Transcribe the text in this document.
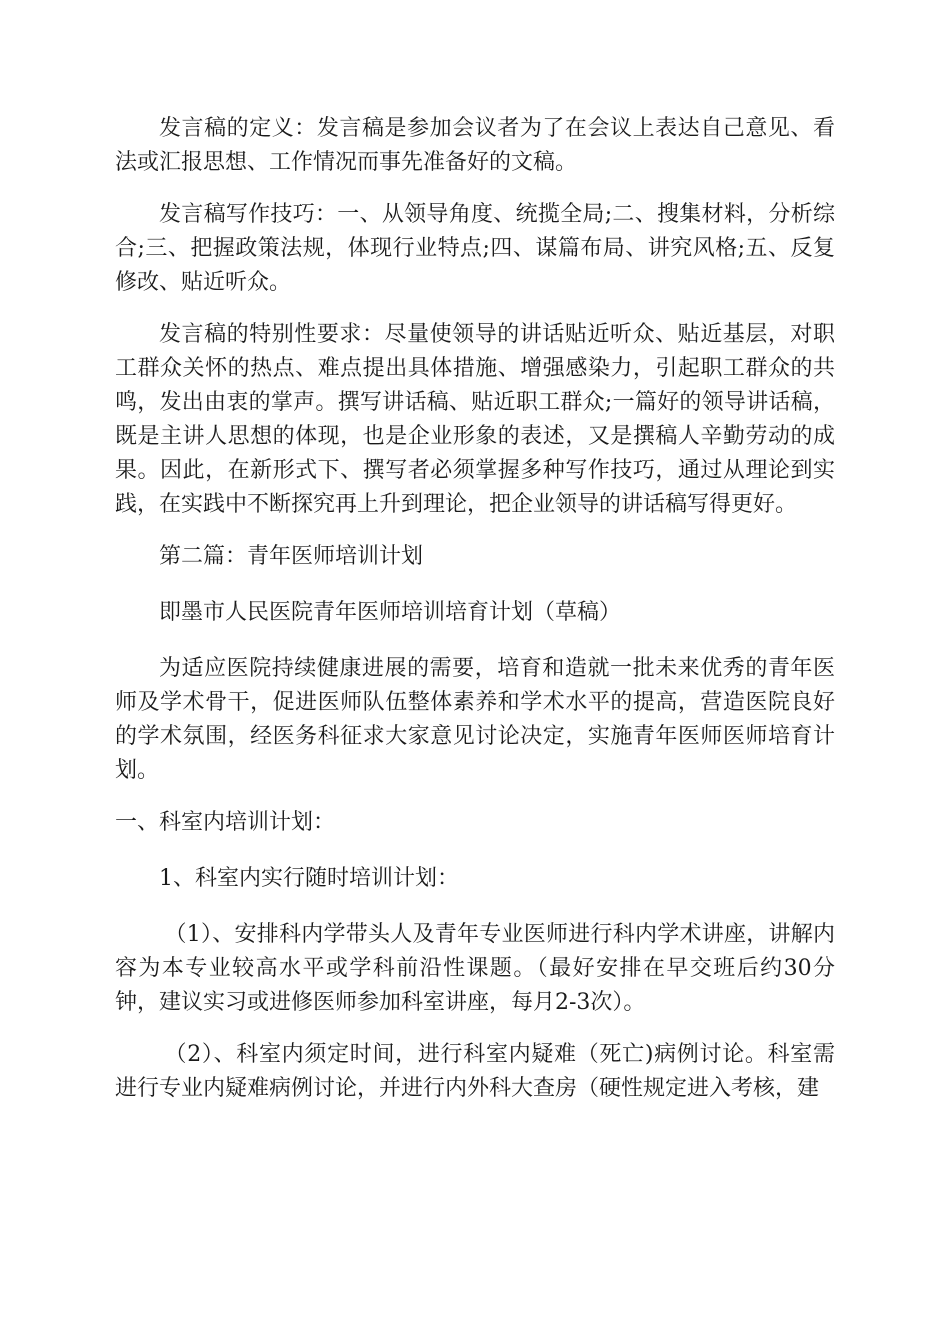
发言稿的定义：发言稿是参加会议者为了在会议上表达自己意见、看法或汇报思想、工作情况而事先准备好的文稿。

发言稿写作技巧：一、从领导角度、统揽全局;二、搜集材料，分析综合;三、把握政策法规，体现行业特点;四、谋篇布局、讲究风格;五、反复修改、贴近听众。

发言稿的特别性要求：尽量使领导的讲话贴近听众、贴近基层，对职工群众关怀的热点、难点提出具体措施、增强感染力，引起职工群众的共鸣，发出由衷的掌声。撰写讲话稿、贴近职工群众;一篇好的领导讲话稿，既是主讲人思想的体现，也是企业形象的表述，又是撰稿人辛勤劳动的成果。因此，在新形式下、撰写者必须掌握多种写作技巧，通过从理论到实践，在实践中不断探究再上升到理论，把企业领导的讲话稿写得更好。

第二篇：青年医师培训计划

即墨市人民医院青年医师培训培育计划（草稿）

为适应医院持续健康进展的需要，培育和造就一批未来优秀的青年医师及学术骨干，促进医师队伍整体素养和学术水平的提高，营造医院良好的学术氛围，经医务科征求大家意见讨论决定，实施青年医师医师培育计划。

一、科室内培训计划：

1、科室内实行随时培训计划：

（1）、安排科内学带头人及青年专业医师进行科内学术讲座，讲解内容为本专业较高水平或学科前沿性课题。（最好安排在早交班后约30分钟，建议实习或进修医师参加科室讲座，每月2-3次）。

（2）、科室内须定时间，进行科室内疑难（死亡)病例讨论。科室需进行专业内疑难病例讨论，并进行内外科大查房（硬性规定进入考核，建
